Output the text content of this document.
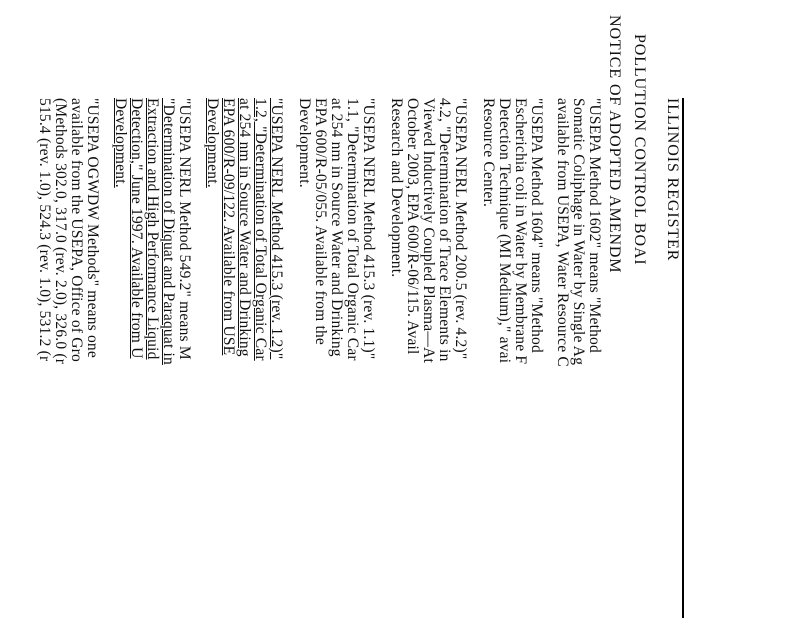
ILLINOIS REGISTER
POLLUTION CONTROL BOAI
NOTICE OF ADOPTED AMENDM
"USEPA Method 1602" means "Method
Somatic Coliphage in Water by Single Ag
available from USEPA, Water Resource C
"USEPA Method 1604" means "Method
Escherichia coli in Water by Membrane F
Detection Technique (MI Medium)," avai
Resource Center.
"USEPA NERL Method 200.5 (rev. 4.2)"
4.2, "Determination of Trace Elements in
Viewed Inductively Coupled Plasma—At
October 2003, EPA 600/R-06/115. Avail
Research and Development.
"USEPA NERL Method 415.3 (rev. 1.1)"
1.1, "Determination of Total Organic Car
at 254 nm in Source Water and Drinking
EPA 600/R-05/055. Available from the
Development.
"USEPA NERL Method 415.3 (rev. 1.2)"
1.2, "Determination of Total Organic Car
at 254 nm in Source Water and Drinking
EPA 600/R-09/122. Available from USE
Development.
"USEPA NERL Method 549.2" means M
"Determination of Diquat and Paraquat in
Extraction and High Performance Liquid
Detection," June 1997. Available from U
Development.
"USEPA OGWDW Methods" means one
available from the USEPA, Office of Gro
(Methods 302.0, 317.0 (rev. 2.0), 326.0 (r
515.4 (rev. 1.0), 524.3 (rev. 1.0), 531.2 (r
